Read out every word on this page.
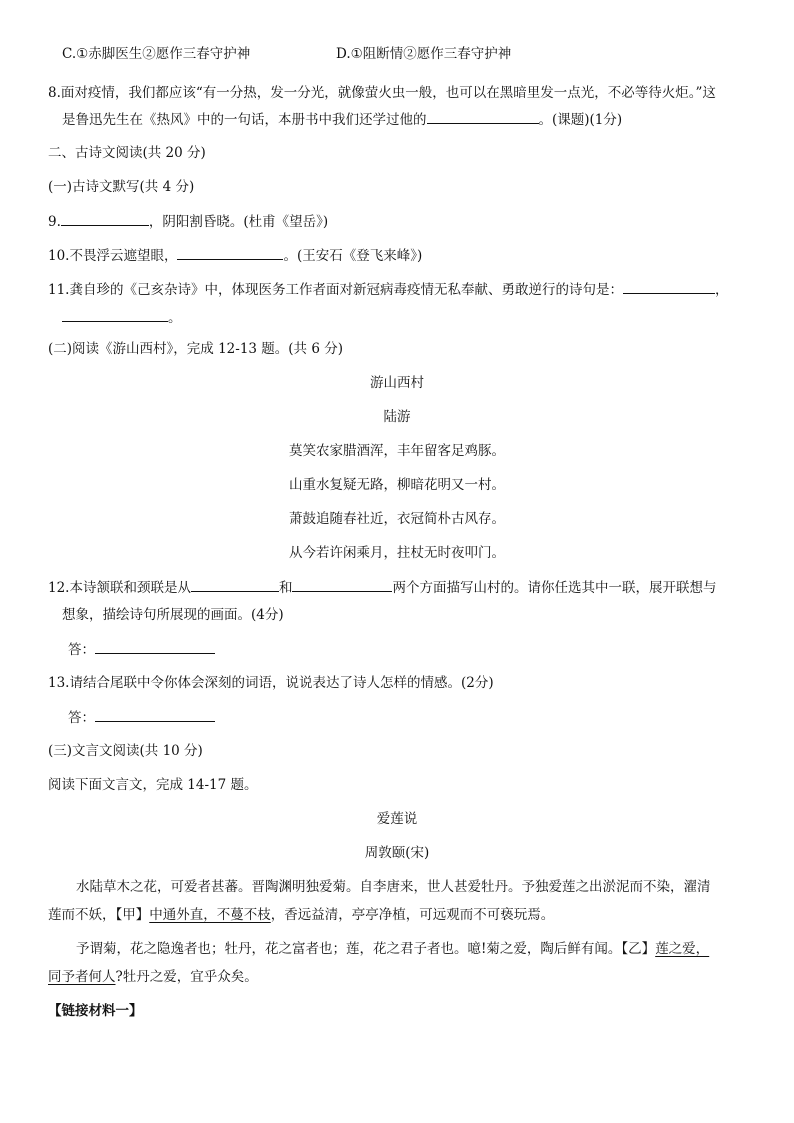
C.①赤脚医生②愿作三春守护神	D.①阻断情②愿作三春守护神
8.面对疫情，我们都应该“有一分热，发一分光，就像萤火虫一般，也可以在黑暗里发一点光，不必等待火炬。”这
是鲁迅先生在《热风》中的一句话，本册书中我们还学过他的	。(课题)(1分)
二、古诗文阅读(共 20 分)
(一)古诗文默写(共 4 分)
9.	，阴阳割昏晓。(杜甫《望岳》)
10.不畏浮云遮望眼，	。(王安石《登飞来峰》)
11.龚自珍的《己亥杂诗》中，体现医务工作者面对新冠病毒疫情无私奉献、勇敢逆行的诗句是：	，
。
(二)阅读《游山西村》，完成 12-13 题。(共 6 分)
游山西村
陆游
莫笑农家腊酒浑，丰年留客足鸡豚。
山重水复疑无路，柳暗花明又一村。
萧鼓追随春社近，衣冠简朴古风存。
从今若许闲乘月，拄杖无时夜叩门。
12.本诗颔联和颈联是从	和	两个方面描写山村的。请你任选其中一联，展开联想与
想象，描绘诗句所展现的画面。(4分)
答：
13.请结合尾联中令你体会深刻的词语，说说表达了诗人怎样的情感。(2分)
答：
(三)文言文阅读(共 10 分)
阅读下面文言文，完成 14-17 题。
爱莲说
周敦颐(宋)
水陆草木之花，可爱者甚蕃。晋陶渊明独爱菊。自李唐来，世人甚爱牡丹。予独爱莲之出淤泥而不染，濯清
莲而不妖，【甲】中通外直，不蔓不枝，香远益清，亭亭净植，可远观而不可亵玩焉。
予谓菊，花之隐逸者也；牡丹，花之富者也；莲，花之君子者也。噫!菊之爱，陶后鲜有闻。【乙】莲之爱，
同予者何人?牡丹之爱，宜乎众矣。
【链接材料一】
